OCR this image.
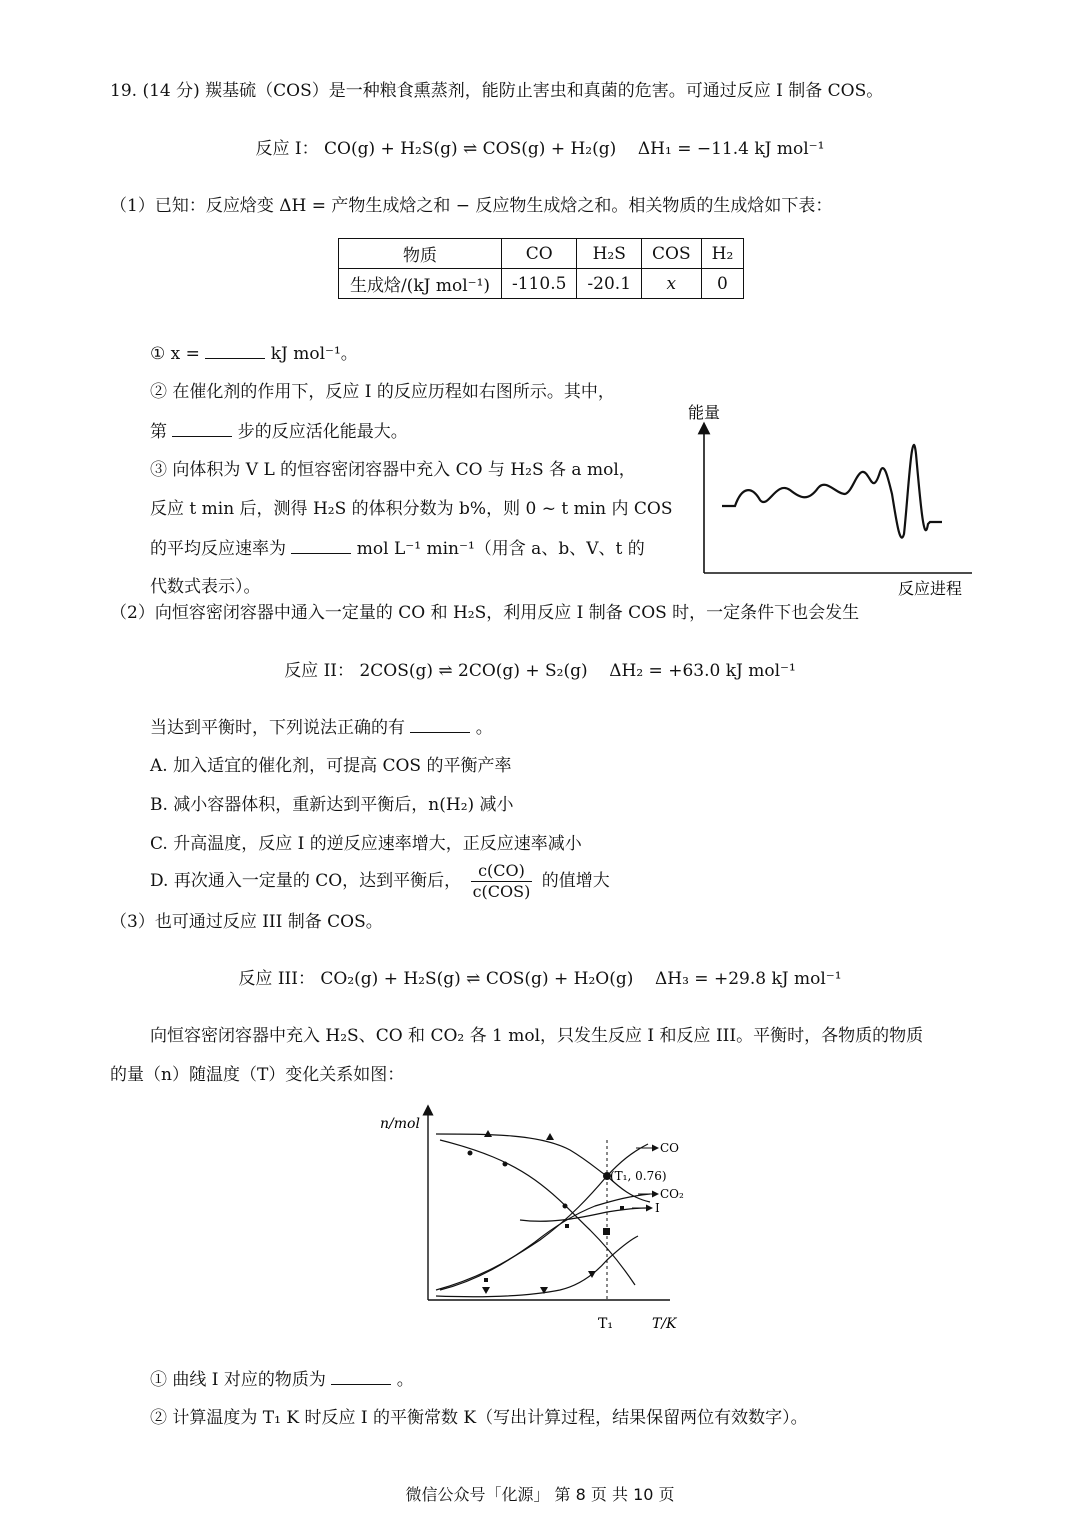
19. (14 分) 羰基硫（COS）是一种粮食熏蒸剂，能防止害虫和真菌的危害。可通过反应 I 制备 COS。
反应 I： CO(g) + H₂S(g) ⇌ COS(g) + H₂(g) ΔH₁ = −11.4 kJ mol⁻¹
（1）已知：反应焓变 ΔH = 产物生成焓之和 − 反应物生成焓之和。相关物质的生成焓如下表：
物质	CO	H₂S	COS	H₂
生成焓/(kJ mol⁻¹)	-110.5	-20.1	x	0
① x =	kJ mol⁻¹。
② 在催化剂的作用下，反应 I 的反应历程如右图所示。其中，
第	步的反应活化能最大。
③ 向体积为 V L 的恒容密闭容器中充入 CO 与 H₂S 各 a mol，
反应 t min 后，测得 H₂S 的体积分数为 b%，则 0 ~ t min 内 COS
的平均反应速率为	mol L⁻¹ min⁻¹（用含 a、b、V、t 的
代数式表示）。
能量
反应进程
（2）向恒容密闭容器中通入一定量的 CO 和 H₂S，利用反应 I 制备 COS 时，一定条件下也会发生
反应 II： 2COS(g) ⇌ 2CO(g) + S₂(g) ΔH₂ = +63.0 kJ mol⁻¹
当达到平衡时，下列说法正确的有	。
A. 加入适宜的催化剂，可提高 COS 的平衡产率
B. 减小容器体积，重新达到平衡后，n(H₂) 减小
C. 升高温度，反应 I 的逆反应速率增大，正反应速率减小
D. 再次通入一定量的 CO，达到平衡后， $\frac{c(CO)}{\text{c(COS)}}$ 的值增大
（3）也可通过反应 III 制备 COS。
反应 III： CO₂(g) + H₂S(g) ⇌ COS(g) + H₂O(g) ΔH₃ = +29.8 kJ mol⁻¹
向恒容密闭容器中充入 H₂S、CO 和 CO₂ 各 1 mol，只发生反应 I 和反应 III。平衡时，各物质的物质
的量（n）随温度（T）变化关系如图：
n/mol
T/K
T₁
(T₁, 0.76)
CO
CO₂
I
① 曲线 I 对应的物质为	。
② 计算温度为 T₁ K 时反应 I 的平衡常数 K（写出计算过程，结果保留两位有效数字）。
微信公众号「化源」 第 8 页 共 10 页
